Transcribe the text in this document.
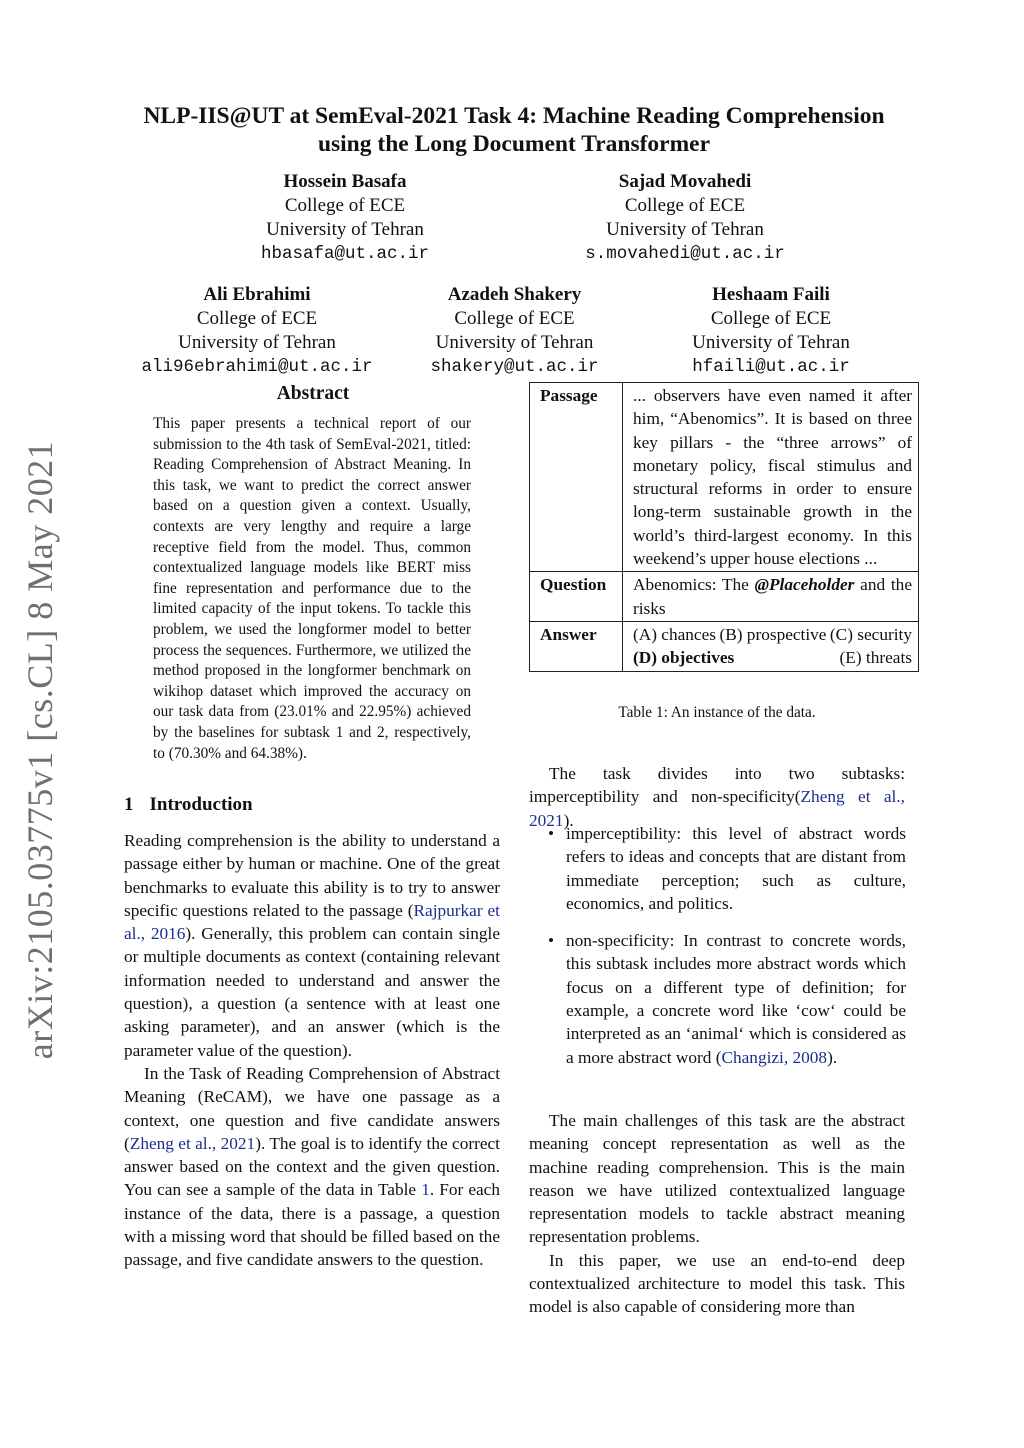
arXiv:2105.03775v1 [cs.CL] 8 May 2021
NLP-IIS@UT at SemEval-2021 Task 4: Machine Reading Comprehension
using the Long Document Transformer
Hossein Basafa
College of ECE
University of Tehran
hbasafa@ut.ac.ir
Sajad Movahedi
College of ECE
University of Tehran
s.movahedi@ut.ac.ir
Ali Ebrahimi
College of ECE
University of Tehran
ali96ebrahimi@ut.ac.ir
Azadeh Shakery
College of ECE
University of Tehran
shakery@ut.ac.ir
Heshaam Faili
College of ECE
University of Tehran
hfaili@ut.ac.ir
Abstract

This paper presents a technical report of our submission to the 4th task of SemEval-2021, titled: Reading Comprehension of Abstract Meaning. In this task, we want to predict the correct answer based on a question given a context. Usually, contexts are very lengthy and require a large receptive field from the model. Thus, common contextualized language models like BERT miss fine representation and performance due to the limited capacity of the input tokens. To tackle this problem, we used the longformer model to better process the sequences. Furthermore, we utilized the method proposed in the longformer benchmark on wikihop dataset which improved the accuracy on our task data from (23.01% and 22.95%) achieved by the baselines for subtask 1 and 2, respectively, to (70.30% and 64.38%).

1 Introduction

Reading comprehension is the ability to understand a passage either by human or machine. One of the great benchmarks to evaluate this ability is to try to answer specific questions related to the passage (Rajpurkar et al., 2016). Generally, this problem can contain single or multiple documents as context (containing relevant information needed to understand and answer the question), a question (a sentence with at least one asking parameter), and an answer (which is the parameter value of the question).

In the Task of Reading Comprehension of Abstract Meaning (ReCAM), we have one passage as a context, one question and five candidate answers (Zheng et al., 2021). The goal is to identify the correct answer based on the context and the given question. You can see a sample of the data in Table 1. For each instance of the data, there is a passage, a question with a missing word that should be filled based on the passage, and five candidate answers to the question.

Passage	... observers have even named it after him, “Abenomics”. It is based on three key pillars - the “three arrows” of monetary policy, fiscal stimulus and structural reforms in order to ensure long-term sustainable growth in the world’s third-largest economy. In this weekend’s upper house elections ...
Question	Abenomics: The @Placeholder and the risks
Answer	(A) chances (B) prospective (C) security
(D) objectives (E) threats
Table 1: An instance of the data.

The task divides into two subtasks: imperceptibility and non-specificity(Zheng et al., 2021).

• imperceptibility: this level of abstract words refers to ideas and concepts that are distant from immediate perception; such as culture, economics, and politics.
• non-specificity: In contrast to concrete words, this subtask includes more abstract words which focus on a different type of definition; for example, a concrete word like ‘cow‘ could be interpreted as an ‘animal‘ which is considered as a more abstract word (Changizi, 2008).

The main challenges of this task are the abstract meaning concept representation as well as the machine reading comprehension. This is the main reason we have utilized contextualized language representation models to tackle abstract meaning representation problems.

In this paper, we use an end-to-end deep contextualized architecture to model this task. This model is also capable of considering more than
